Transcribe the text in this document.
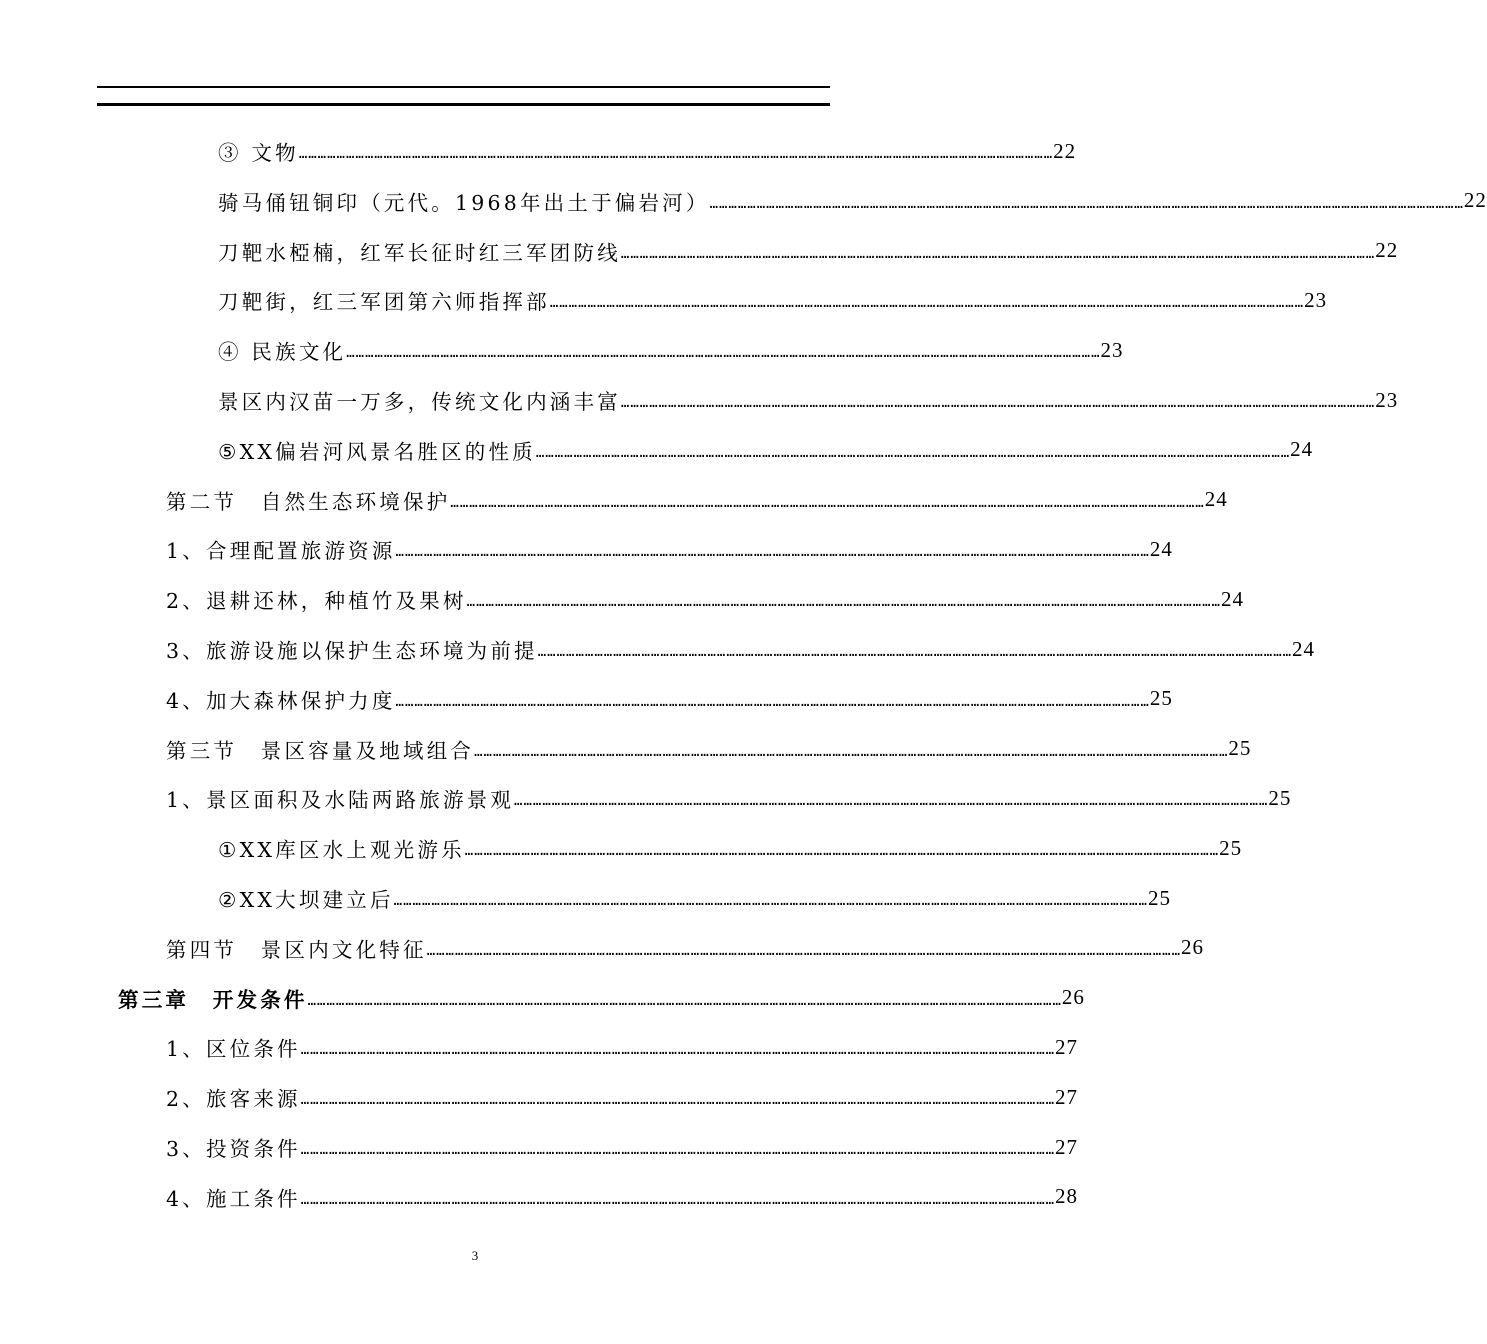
③ 文物 …………………………………………………………………………………………………………………………………………………………………………………………………………………… 22
骑马俑钮铜印（元代。1968年出土于偏岩河） …………………………………………………………………………………………………………………………………………………………………………………………………………………… 22
刀靶水椏楠，红军长征时红三军团防线 …………………………………………………………………………………………………………………………………………………………………………………………………………………… 22
刀靶街，红三军团第六师指挥部 …………………………………………………………………………………………………………………………………………………………………………………………………………………… 23
④ 民族文化 …………………………………………………………………………………………………………………………………………………………………………………………………………………… 23
景区内汉苗一万多，传统文化内涵丰富 …………………………………………………………………………………………………………………………………………………………………………………………………………………… 23
⑤XX偏岩河风景名胜区的性质 …………………………………………………………………………………………………………………………………………………………………………………………………………………… 24
第二节　自然生态环境保护 …………………………………………………………………………………………………………………………………………………………………………………………………………………… 24
1、合理配置旅游资源 …………………………………………………………………………………………………………………………………………………………………………………………………………………… 24
2、退耕还林，种植竹及果树 …………………………………………………………………………………………………………………………………………………………………………………………………………………… 24
3、旅游设施以保护生态环境为前提 …………………………………………………………………………………………………………………………………………………………………………………………………………………… 24
4、加大森林保护力度 …………………………………………………………………………………………………………………………………………………………………………………………………………………… 25
第三节　景区容量及地域组合 …………………………………………………………………………………………………………………………………………………………………………………………………………………… 25
1、景区面积及水陆两路旅游景观 …………………………………………………………………………………………………………………………………………………………………………………………………………………… 25
①XX库区水上观光游乐 …………………………………………………………………………………………………………………………………………………………………………………………………………………… 25
②XX大坝建立后 …………………………………………………………………………………………………………………………………………………………………………………………………………………… 25
第四节　景区内文化特征 …………………………………………………………………………………………………………………………………………………………………………………………………………………… 26
第三章　开发条件 …………………………………………………………………………………………………………………………………………………………………………………………………………………… 26
1、区位条件 …………………………………………………………………………………………………………………………………………………………………………………………………………………… 27
2、旅客来源 …………………………………………………………………………………………………………………………………………………………………………………………………………………… 27
3、投资条件 …………………………………………………………………………………………………………………………………………………………………………………………………………………… 27
4、施工条件 …………………………………………………………………………………………………………………………………………………………………………………………………………………… 28
3
